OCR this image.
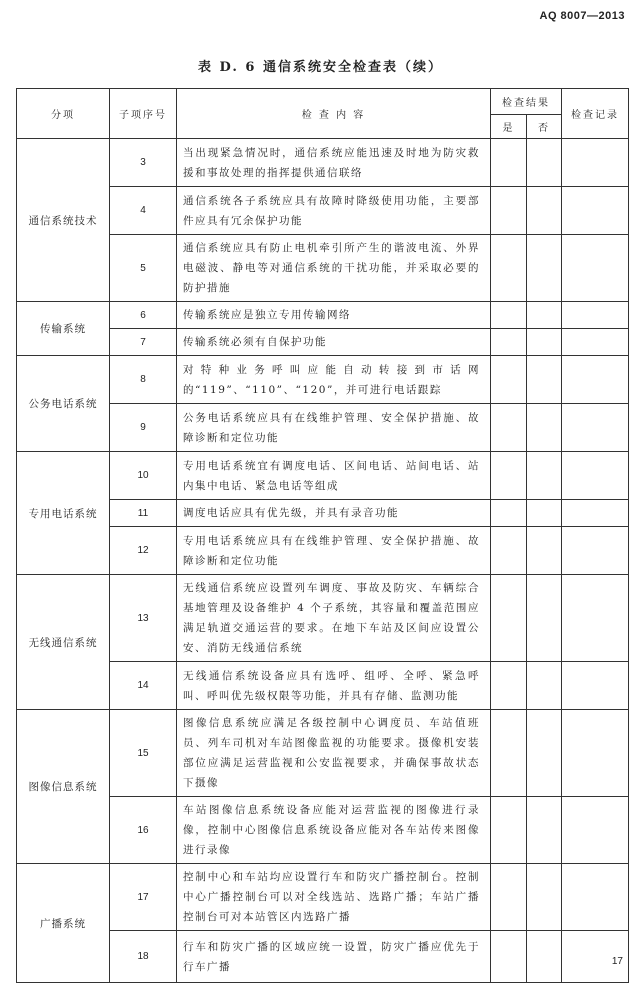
AQ 8007—2013
表 D. 6 通信系统安全检查表（续）
分项	子项序号	检 查 内 容	检查结果		检查记录
			是	否	
通信系统技术	3	当出现紧急情况时，通信系统应能迅速及时地为防灾救援和事故处理的指挥提供通信联络			
	4	通信系统各子系统应具有故障时降级使用功能，主要部件应具有冗余保护功能			
	5	通信系统应具有防止电机牵引所产生的谐波电流、外界电磁波、静电等对通信系统的干扰功能，并采取必要的防护措施			
传输系统	6	传输系统应是独立专用传输网络			
	7	传输系统必须有自保护功能			
公务电话系统	8	对特种业务呼叫应能自动转接到市话网的“119”、“110”、“120”，并可进行电话跟踪			
	9	公务电话系统应具有在线维护管理、安全保护措施、故障诊断和定位功能			
专用电话系统	10	专用电话系统宜有调度电话、区间电话、站间电话、站内集中电话、紧急电话等组成			
	11	调度电话应具有优先级，并具有录音功能			
	12	专用电话系统应具有在线维护管理、安全保护措施、故障诊断和定位功能			
无线通信系统	13	无线通信系统应设置列车调度、事故及防灾、车辆综合基地管理及设备维护 4 个子系统，其容量和覆盖范围应满足轨道交通运营的要求。在地下车站及区间应设置公安、消防无线通信系统			
	14	无线通信系统设备应具有选呼、组呼、全呼、紧急呼叫、呼叫优先级权限等功能，并具有存储、监测功能			
图像信息系统	15	图像信息系统应满足各级控制中心调度员、车站值班员、列车司机对车站图像监视的功能要求。摄像机安装部位应满足运营监视和公安监视要求，并确保事故状态下摄像			
	16	车站图像信息系统设备应能对运营监视的图像进行录像，控制中心图像信息系统设备应能对各车站传来图像进行录像			
广播系统	17	控制中心和车站均应设置行车和防灾广播控制台。控制中心广播控制台可以对全线选站、选路广播；车站广播控制台可对本站管区内选路广播			
	18	行车和防灾广播的区域应统一设置，防灾广播应优先于行车广播				17
